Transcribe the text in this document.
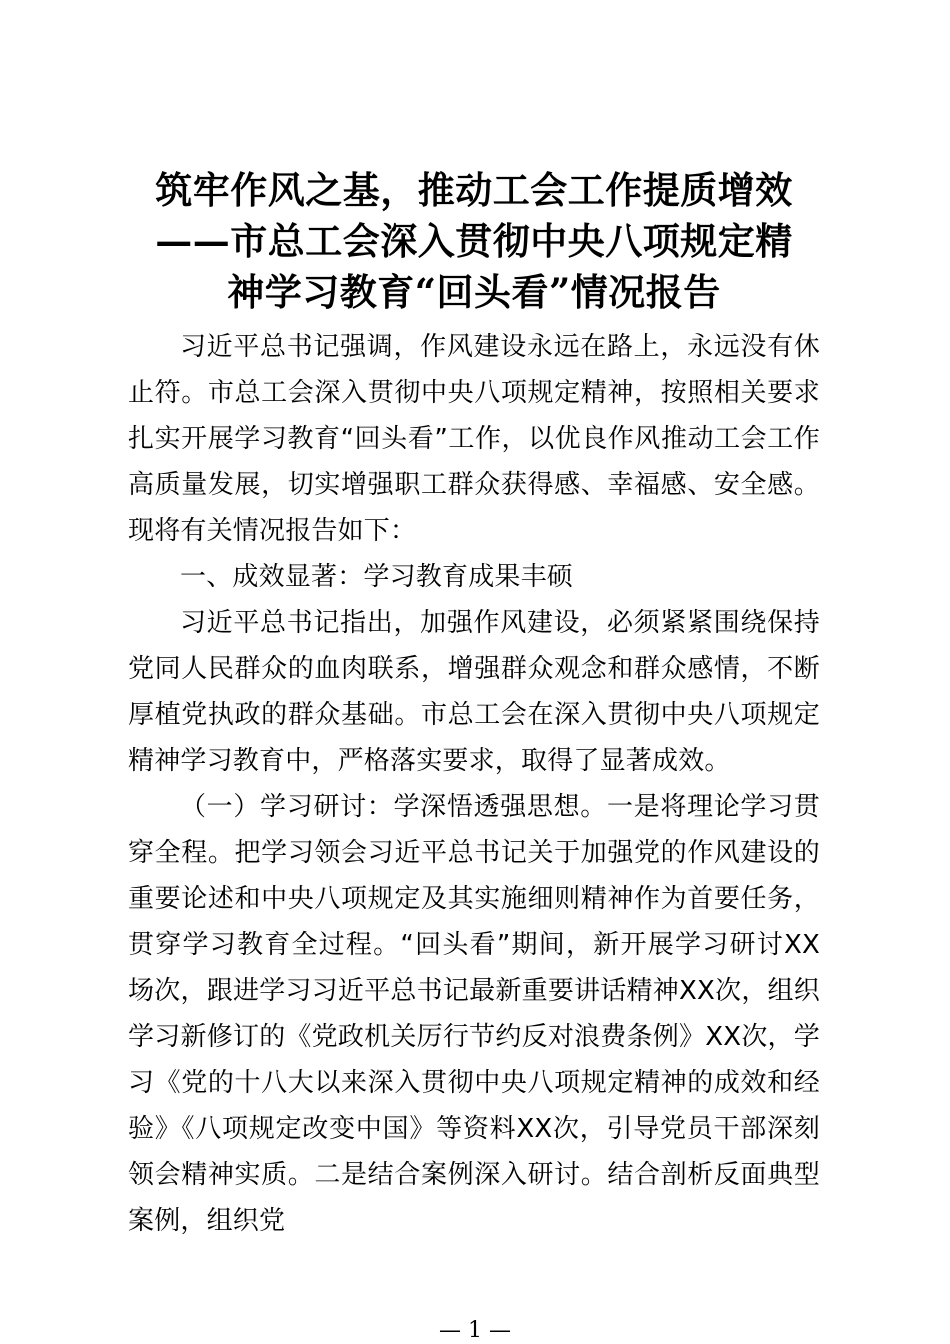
筑牢作风之基，推动工会工作提质增效
——市总工会深入贯彻中央八项规定精
神学习教育“回头看”情况报告

习近平总书记强调，作风建设永远在路上，永远没有休止符。市总工会深入贯彻中央八项规定精神，按照相关要求扎实开展学习教育“回头看”工作，以优良作风推动工会工作高质量发展，切实增强职工群众获得感、幸福感、安全感。现将有关情况报告如下：

一、成效显著：学习教育成果丰硕

习近平总书记指出，加强作风建设，必须紧紧围绕保持党同人民群众的血肉联系，增强群众观念和群众感情，不断厚植党执政的群众基础。市总工会在深入贯彻中央八项规定精神学习教育中，严格落实要求，取得了显著成效。

（一）学习研讨：学深悟透强思想。一是将理论学习贯穿全程。把学习领会习近平总书记关于加强党的作风建设的重要论述和中央八项规定及其实施细则精神作为首要任务，贯穿学习教育全过程。“回头看”期间，新开展学习研讨XX场次，跟进学习习近平总书记最新重要讲话精神XX次，组织学习新修订的《党政机关厉行节约反对浪费条例》XX次，学习《党的十八大以来深入贯彻中央八项规定精神的成效和经验》《八项规定改变中国》等资料XX次，引导党员干部深刻领会精神实质。二是结合案例深入研讨。结合剖析反面典型案例，组织党

— 1 —
